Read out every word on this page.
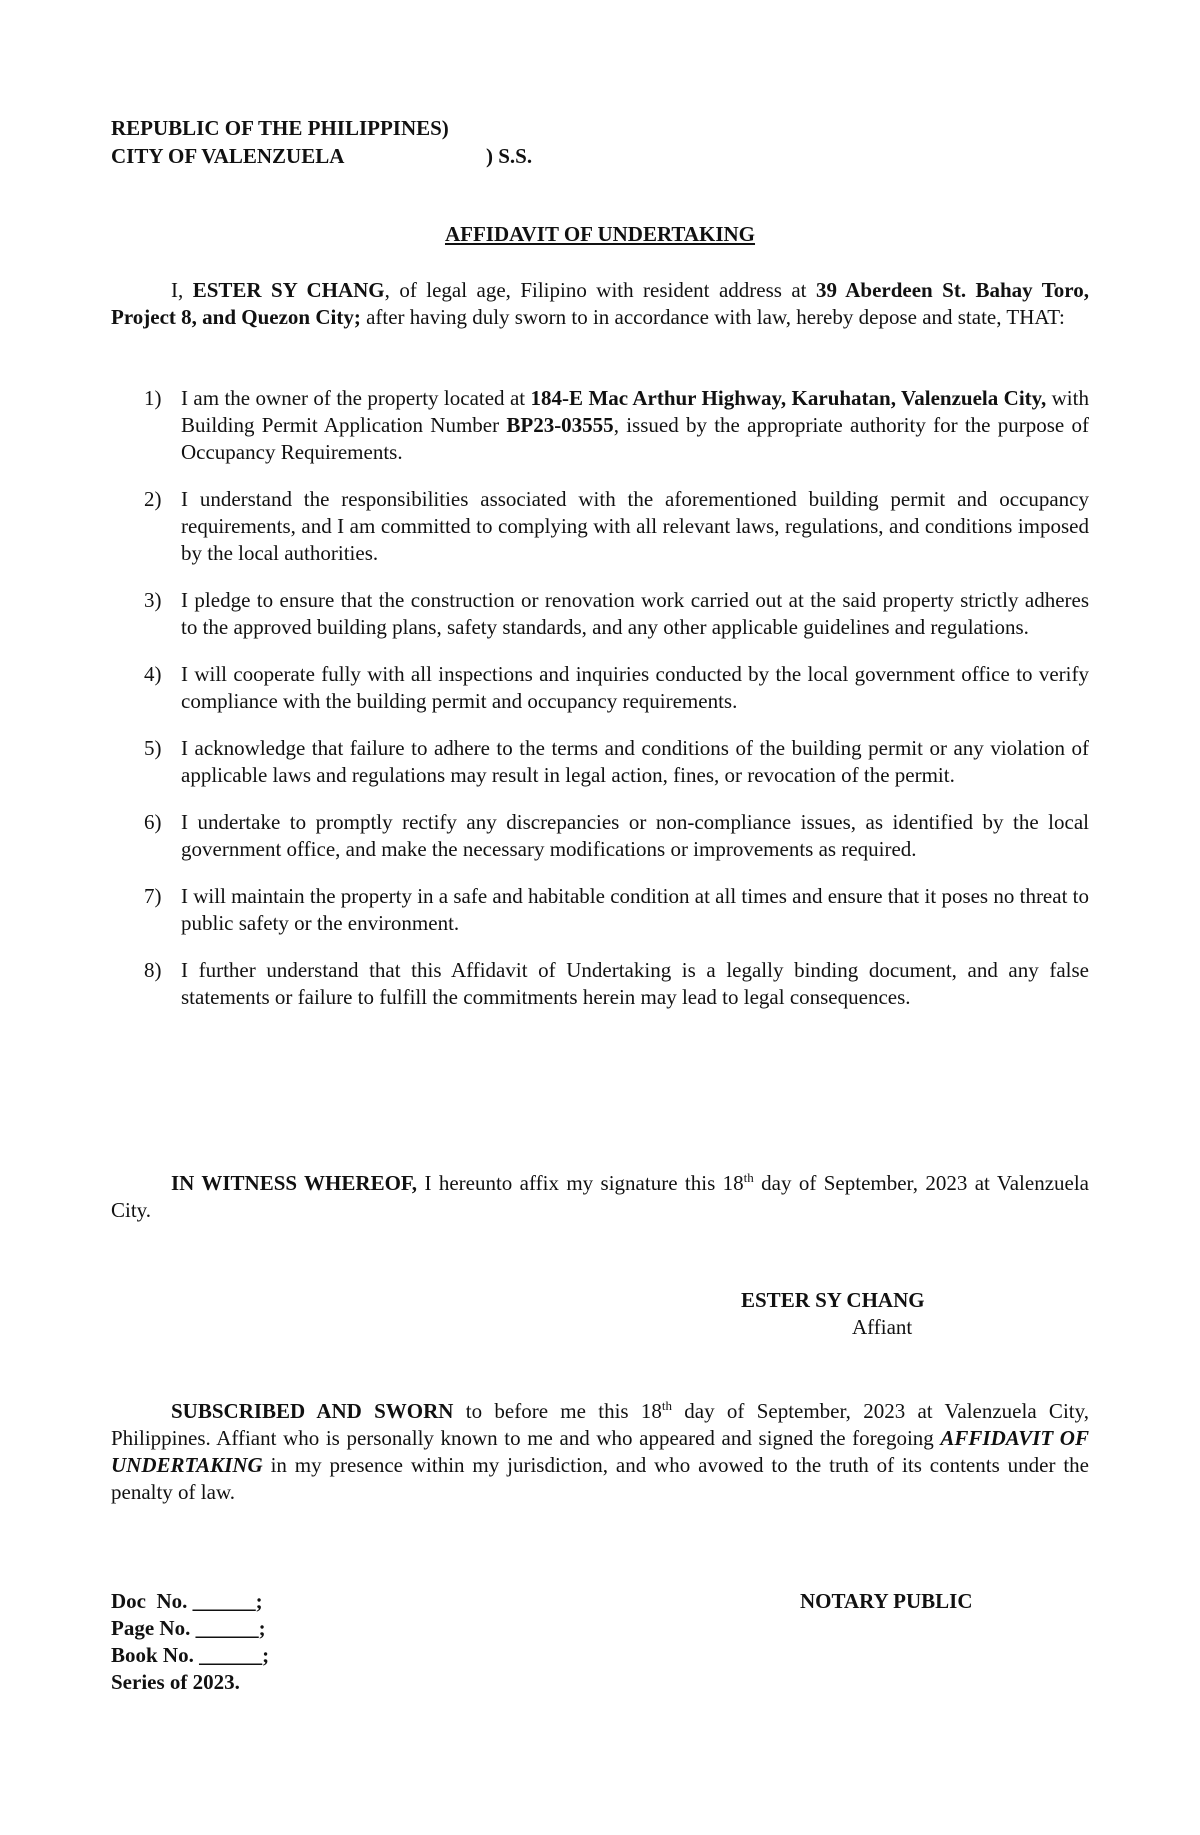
REPUBLIC OF THE PHILIPPINES)
CITY OF VALENZUELA	) S.S.
AFFIDAVIT OF UNDERTAKING
I, ESTER SY CHANG, of legal age, Filipino with resident address at 39 Aberdeen St. Bahay Toro, Project 8, and Quezon City; after having duly sworn to in accordance with law, hereby depose and state, THAT:
1) I am the owner of the property located at 184-E Mac Arthur Highway, Karuhatan, Valenzuela City, with Building Permit Application Number BP23-03555, issued by the appropriate authority for the purpose of Occupancy Requirements.
2) I understand the responsibilities associated with the aforementioned building permit and occupancy requirements, and I am committed to complying with all relevant laws, regulations, and conditions imposed by the local authorities.
3) I pledge to ensure that the construction or renovation work carried out at the said property strictly adheres to the approved building plans, safety standards, and any other applicable guidelines and regulations.
4) I will cooperate fully with all inspections and inquiries conducted by the local government office to verify compliance with the building permit and occupancy requirements.
5) I acknowledge that failure to adhere to the terms and conditions of the building permit or any violation of applicable laws and regulations may result in legal action, fines, or revocation of the permit.
6) I undertake to promptly rectify any discrepancies or non-compliance issues, as identified by the local government office, and make the necessary modifications or improvements as required.
7) I will maintain the property in a safe and habitable condition at all times and ensure that it poses no threat to public safety or the environment.
8) I further understand that this Affidavit of Undertaking is a legally binding document, and any false statements or failure to fulfill the commitments herein may lead to legal consequences.
IN WITNESS WHEREOF, I hereunto affix my signature this 18th day of September, 2023 at Valenzuela City.
ESTER SY CHANG
Affiant
SUBSCRIBED AND SWORN to before me this 18th day of September, 2023 at Valenzuela City, Philippines. Affiant who is personally known to me and who appeared and signed the foregoing AFFIDAVIT OF UNDERTAKING in my presence within my jurisdiction, and who avowed to the truth of its contents under the penalty of law.
Doc  No. ______;
Page No. ______;
Book No. ______;
Series of 2023.
NOTARY PUBLIC
